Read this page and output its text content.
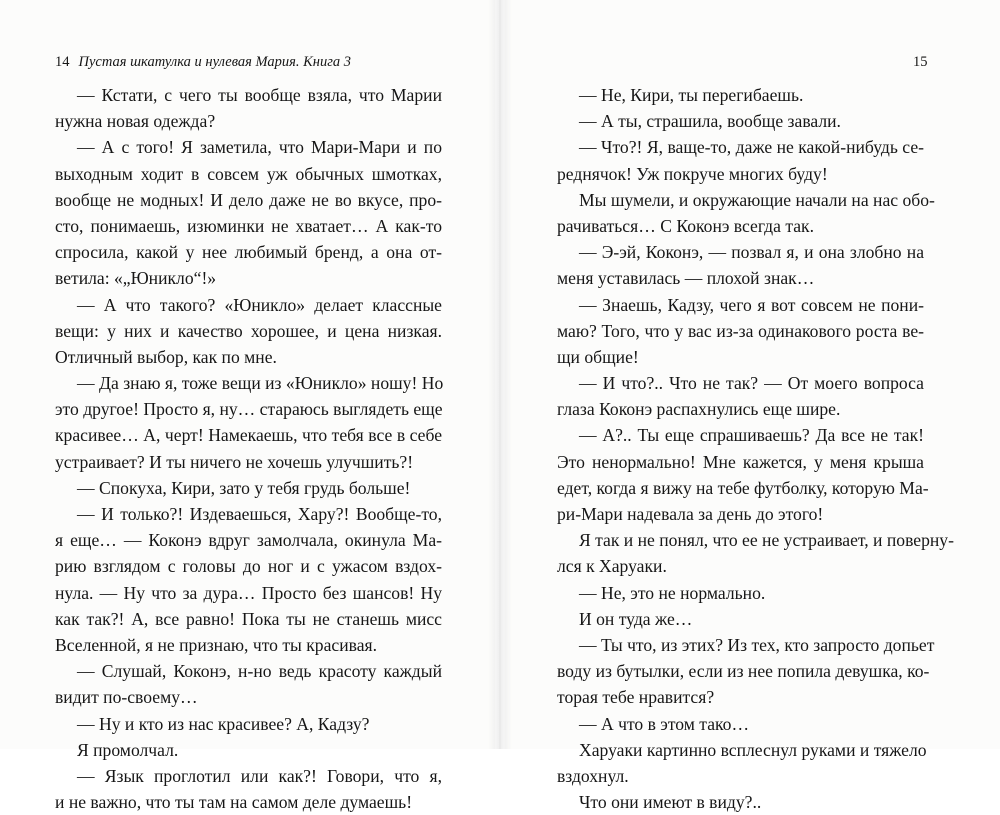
14 Пустая шкатулка и нулевая Мария. Книга 3	15
— Кстати, с чего ты вообще взяла, что Марии
нужна новая одежда?
— А с того! Я заметила, что Мари-Мари и по
выходным ходит в совсем уж обычных шмотках,
вообще не модных! И дело даже не во вкусе, про-
сто, понимаешь, изюминки не хватает… А как-то
спросила, какой у нее любимый бренд, а она от-
ветила: «„Юникло“!»
— А что такого? «Юникло» делает классные
вещи: у них и качество хорошее, и цена низкая.
Отличный выбор, как по мне.
— Да знаю я, тоже вещи из «Юникло» ношу! Но
это другое! Просто я, ну… стараюсь выглядеть еще
красивее… А, черт! Намекаешь, что тебя все в себе
устраивает? И ты ничего не хочешь улучшить?!
— Спокуха, Кири, зато у тебя грудь больше!
— И только?! Издеваешься, Хару?! Вообще-то,
я еще… — Коконэ вдруг замолчала, окинула Ма-
рию взглядом с головы до ног и с ужасом вздох-
нула. — Ну что за дура… Просто без шансов! Ну
как так?! А, все равно! Пока ты не станешь мисс
Вселенной, я не признаю, что ты красивая.
— Слушай, Коконэ, н-но ведь красоту каждый
видит по-своему…
— Ну и кто из нас красивее? А, Кадзу?
Я промолчал.
— Язык проглотил или как?! Говори, что я,
и не важно, что ты там на самом деле думаешь!
— Не, Кири, ты перегибаешь.
— А ты, страшила, вообще завали.
— Что?! Я, ваще-то, даже не какой-нибудь се-
реднячок! Уж покруче многих буду!
Мы шумели, и окружающие начали на нас обо-
рачиваться… С Коконэ всегда так.
— Э-эй, Коконэ, — позвал я, и она злобно на
меня уставилась — плохой знак…
— Знаешь, Кадзу, чего я вот совсем не пони-
маю? Того, что у вас из-за одинакового роста ве-
щи общие!
— И что?.. Что не так? — От моего вопроса
глаза Коконэ распахнулись еще шире.
— А?.. Ты еще спрашиваешь? Да все не так!
Это ненормально! Мне кажется, у меня крыша
едет, когда я вижу на тебе футболку, которую Ма-
ри-Мари надевала за день до этого!
Я так и не понял, что ее не устраивает, и поверну-
лся к Харуаки.
— Не, это не нормально.
И он туда же…
— Ты что, из этих? Из тех, кто запросто допьет
воду из бутылки, если из нее попила девушка, ко-
торая тебе нравится?
— А что в этом тако…
Харуаки картинно всплеснул руками и тяжело
вздохнул.
Что они имеют в виду?..
